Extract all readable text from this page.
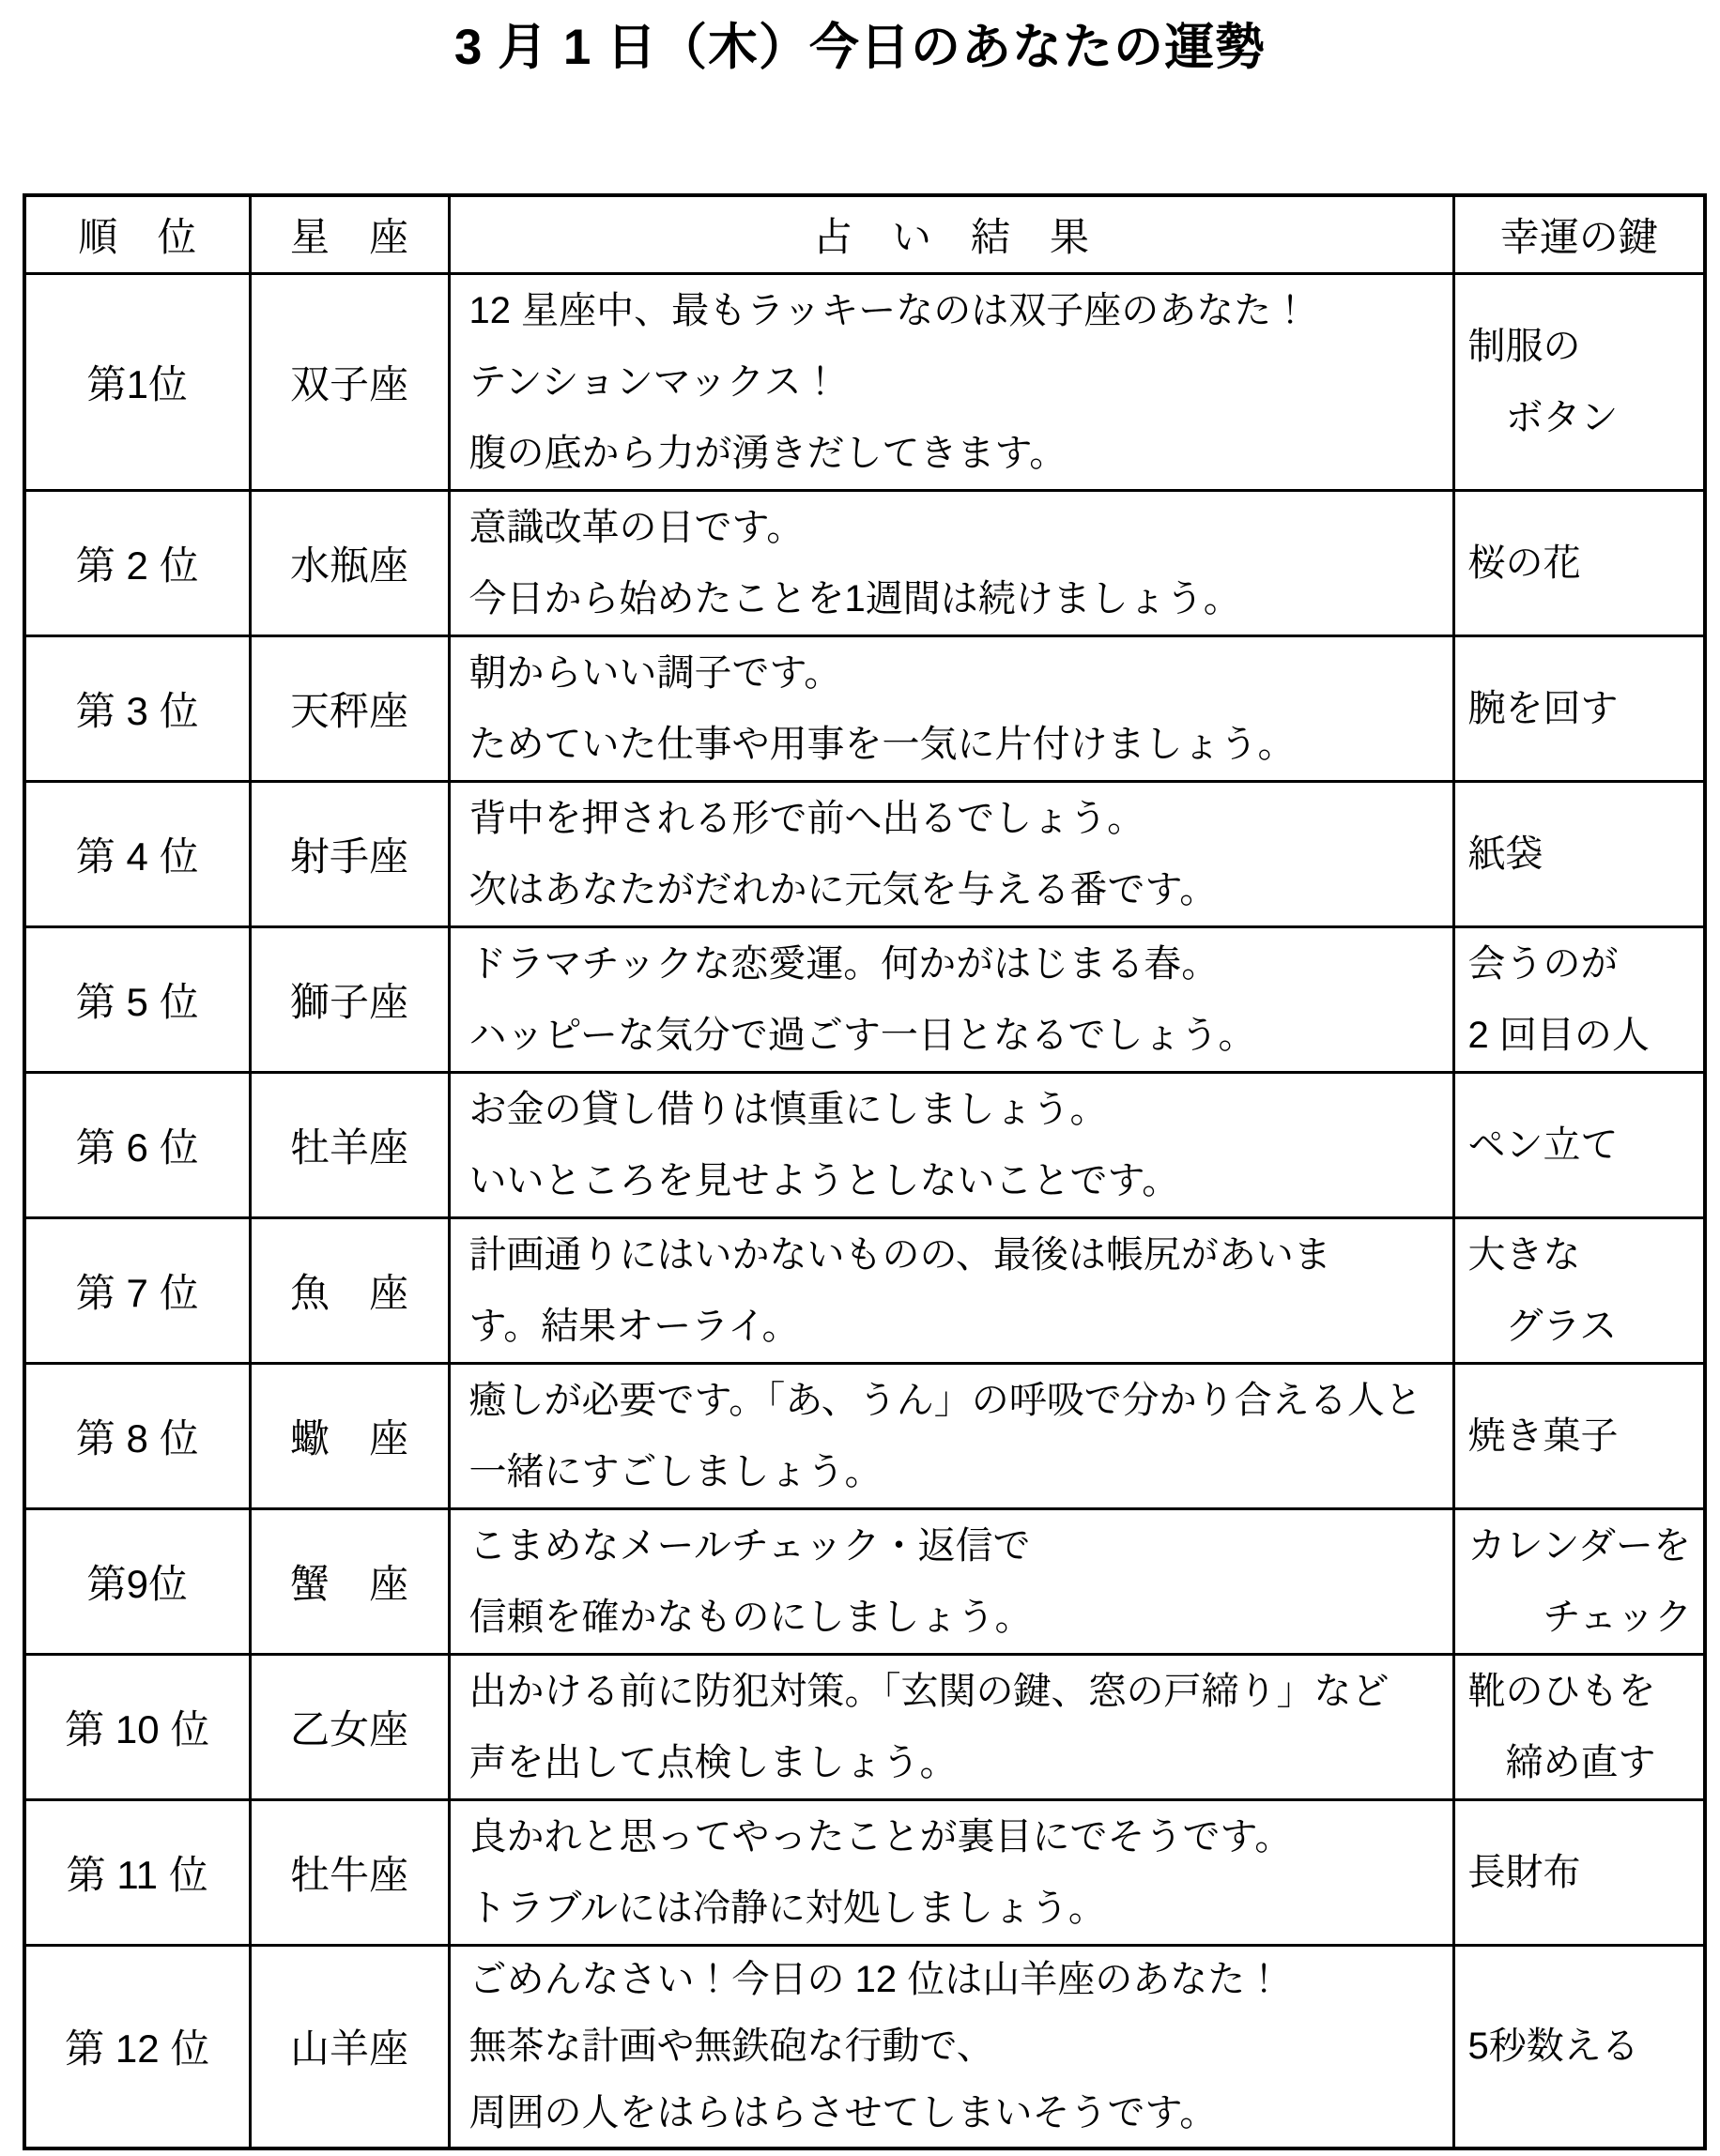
3 月 1 日（木）今日のあなたの運勢
順　位	星　座	占　い　結　果	幸運の鍵
第1位	双子座	12 星座中、最もラッキーなのは双子座のあなた！
テンションマックス！
腹の底から力が湧きだしてきます。	制服の
　ボタン
第 2 位	水瓶座	意識改革の日です。
今日から始めたことを1週間は続けましょう。	桜の花
第 3 位	天秤座	朝からいい調子です。
ためていた仕事や用事を一気に片付けましょう。	腕を回す
第 4 位	射手座	背中を押される形で前へ出るでしょう。
次はあなたがだれかに元気を与える番です。	紙袋
第 5 位	獅子座	ドラマチックな恋愛運。何かがはじまる春。
ハッピーな気分で過ごす一日となるでしょう。	会うのが
2 回目の人
第 6 位	牡羊座	お金の貸し借りは慎重にしましょう。
いいところを見せようとしないことです。	ペン立て
第 7 位	魚　座	計画通りにはいかないものの、最後は帳尻があいま
す。結果オーライ。	大きな
　グラス
第 8 位	蠍　座	癒しが必要です。「あ、うん」の呼吸で分かり合える人と
一緒にすごしましょう。	焼き菓子
第9位	蟹　座	こまめなメールチェック・返信で
信頼を確かなものにしましょう。	カレンダーを
　　チェック
第 10 位	乙女座	出かける前に防犯対策。「玄関の鍵、窓の戸締り」など
声を出して点検しましょう。	靴のひもを
　締め直す
第 11 位	牡牛座	良かれと思ってやったことが裏目にでそうです。
トラブルには冷静に対処しましょう。	長財布
第 12 位	山羊座	ごめんなさい！今日の 12 位は山羊座のあなた！
無茶な計画や無鉄砲な行動で、
周囲の人をはらはらさせてしまいそうです。	5秒数える
